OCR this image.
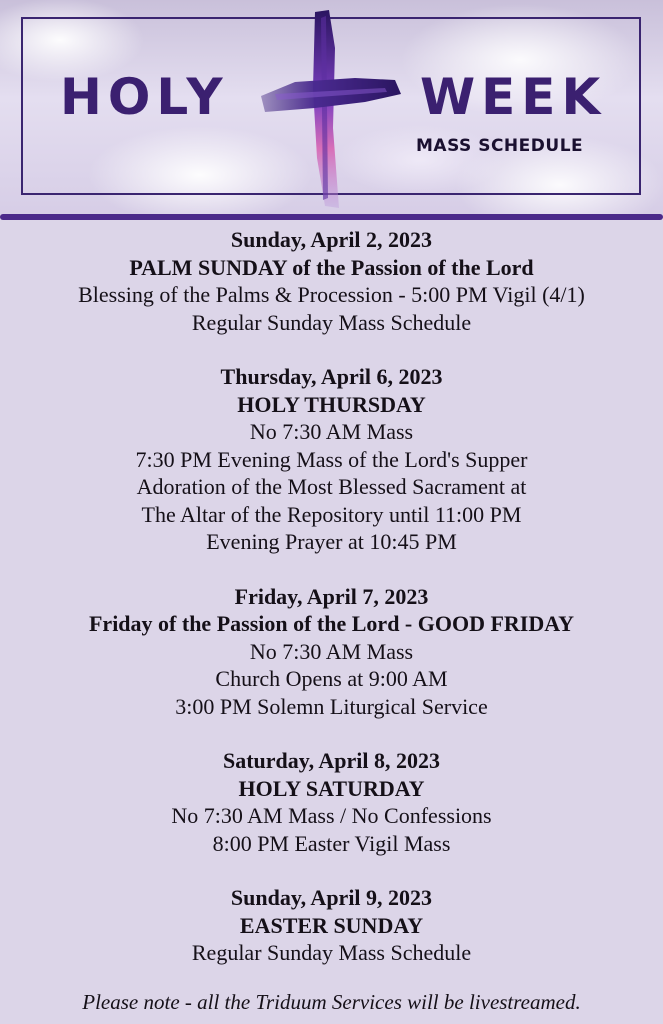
HOLY	WEEK
MASS SCHEDULE
Sunday, April 2, 2023
PALM SUNDAY of the Passion of the Lord
Blessing of the Palms & Procession - 5:00 PM Vigil (4/1)
Regular Sunday Mass Schedule
Thursday, April 6, 2023
HOLY THURSDAY
No 7:30 AM Mass
7:30 PM Evening Mass of the Lord's Supper
Adoration of the Most Blessed Sacrament at
The Altar of the Repository until 11:00 PM
Evening Prayer at 10:45 PM
Friday, April 7, 2023
Friday of the Passion of the Lord - GOOD FRIDAY
No 7:30 AM Mass
Church Opens at 9:00 AM
3:00 PM Solemn Liturgical Service
Saturday, April 8, 2023
HOLY SATURDAY
No 7:30 AM Mass / No Confessions
8:00 PM Easter Vigil Mass
Sunday, April 9, 2023
EASTER SUNDAY
Regular Sunday Mass Schedule
Please note - all the Triduum Services will be livestreamed.
